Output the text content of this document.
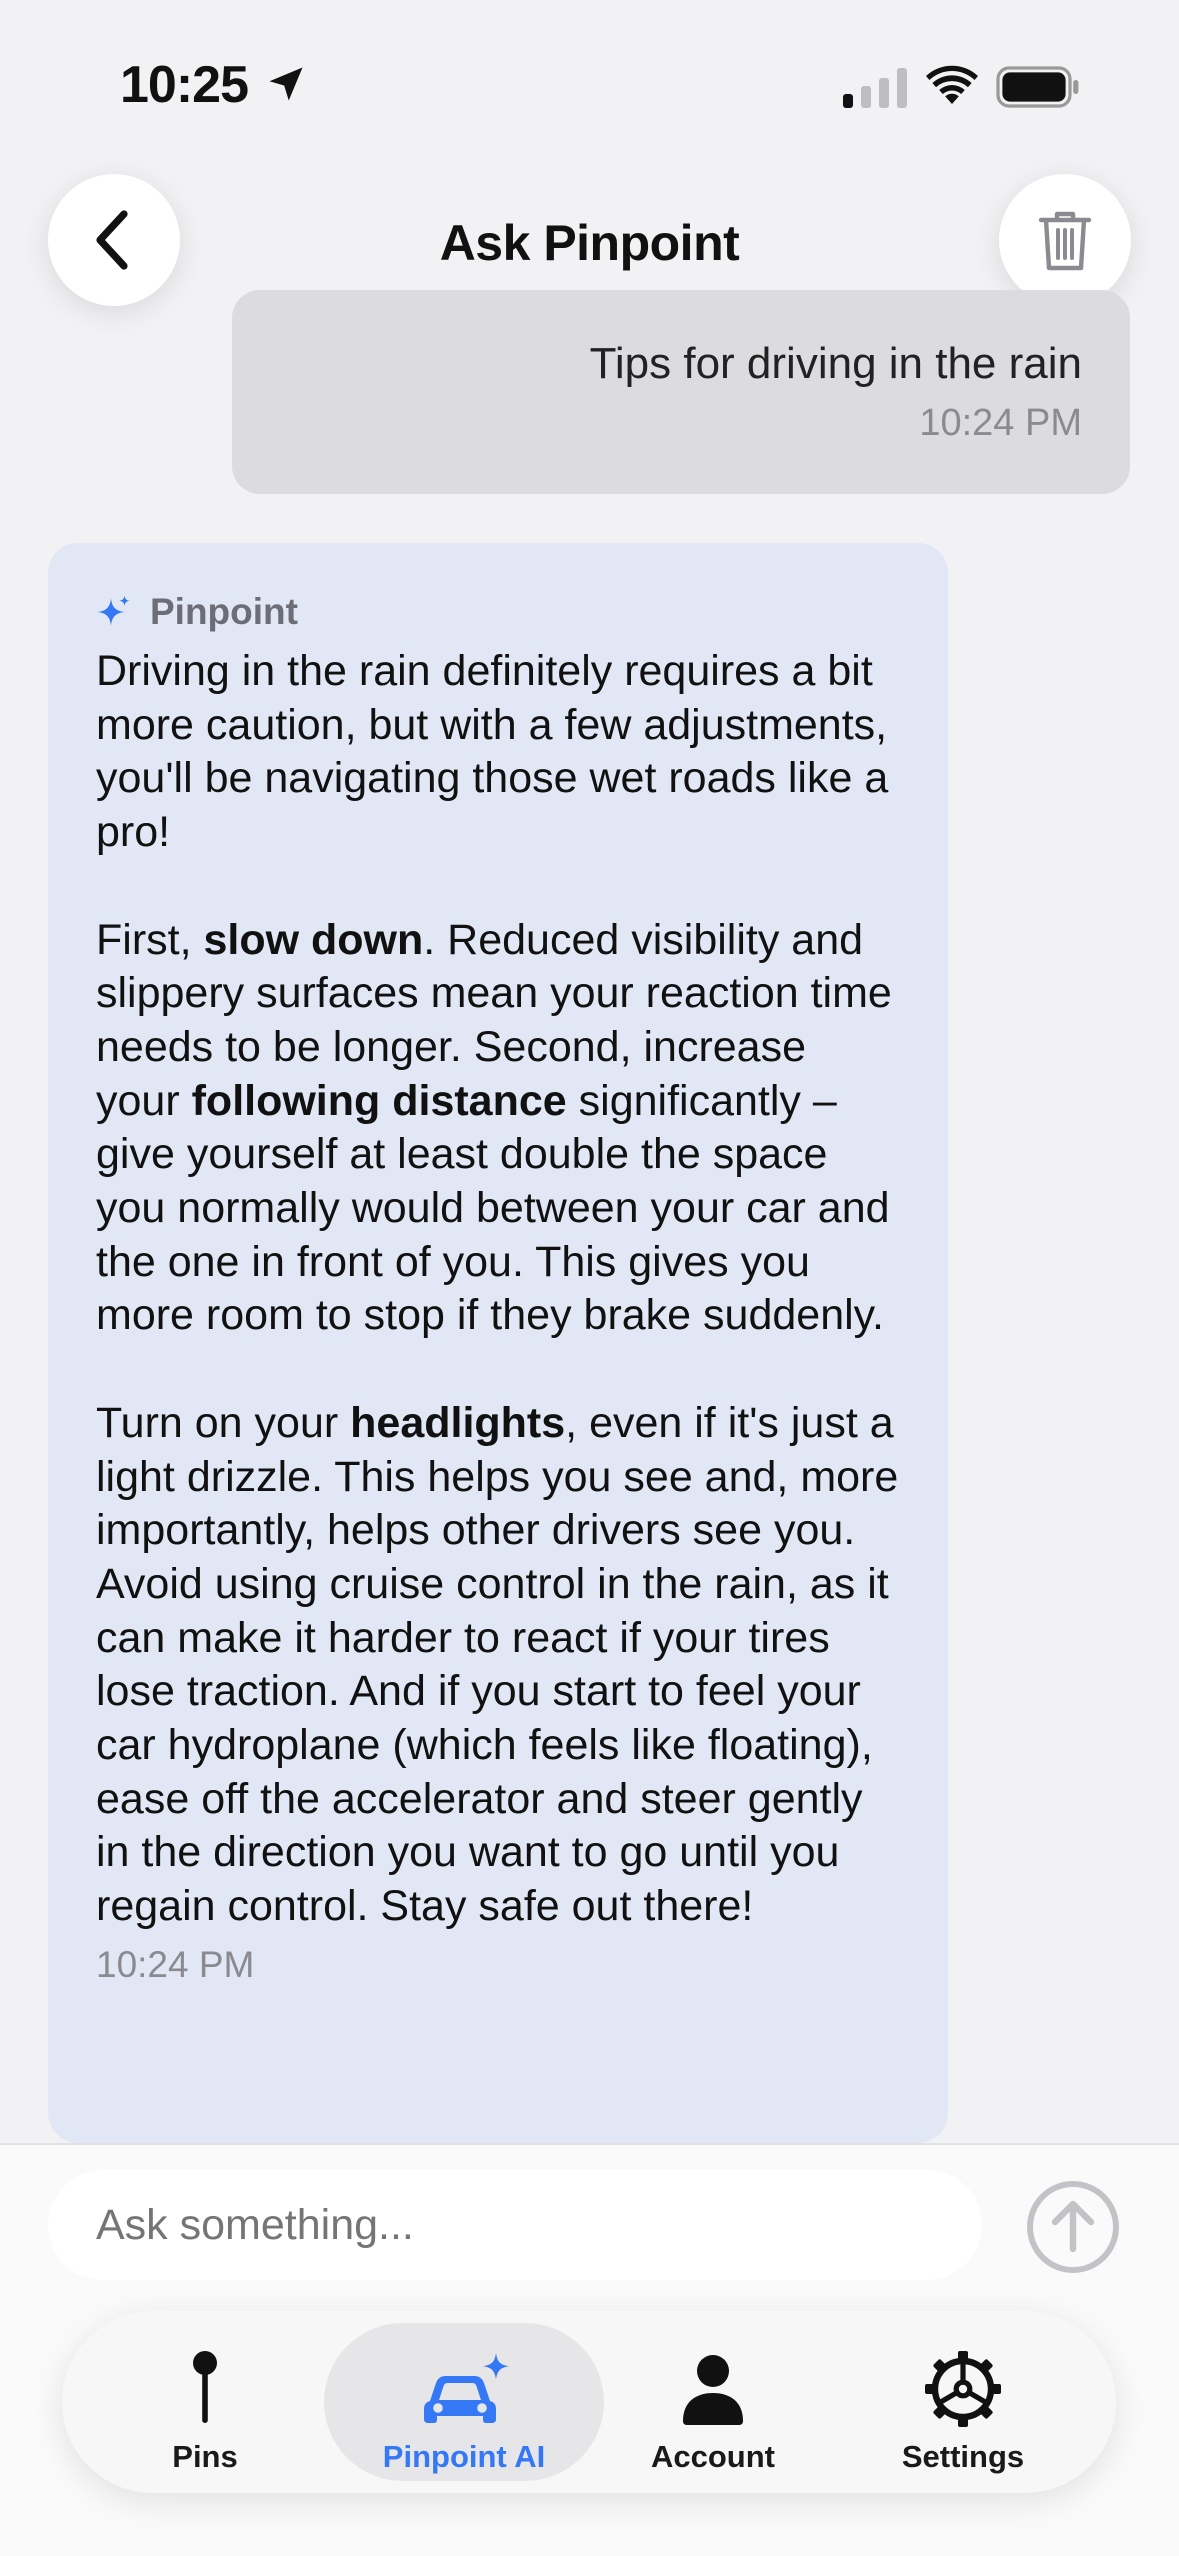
10:25
Ask Pinpoint
Tips for driving in the rain
10:24 PM
Pinpoint

Driving in the rain definitely requires a bit more caution, but with a few adjustments, you'll be navigating those wet roads like a pro!

First, slow down. Reduced visibility and slippery surfaces mean your reaction time needs to be longer. Second, increase your following distance significantly – give yourself at least double the space you normally would between your car and the one in front of you. This gives you more room to stop if they brake suddenly.

Turn on your headlights, even if it's just a light drizzle. This helps you see and, more importantly, helps other drivers see you. Avoid using cruise control in the rain, as it can make it harder to react if your tires lose traction. And if you start to feel your car hydroplane (which feels like floating), ease off the accelerator and steer gently in the direction you want to go until you regain control. Stay safe out there!

10:24 PM
Ask something...
Pins	Pinpoint AI	Account	Settings
